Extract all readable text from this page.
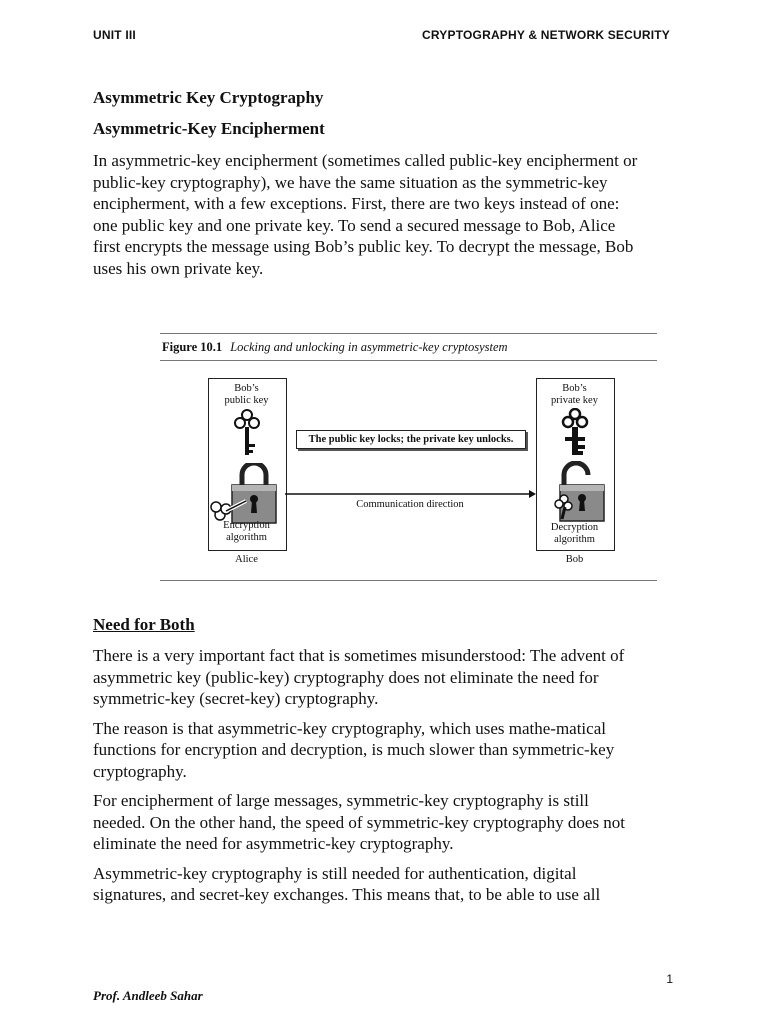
UNIT III	CRYPTOGRAPHY & NETWORK SECURITY
Asymmetric Key Cryptography
Asymmetric-Key Encipherment
In asymmetric-key encipherment (sometimes called public-key encipherment or
public-key cryptography), we have the same situation as the symmetric-key
encipherment, with a few exceptions. First, there are two keys instead of one:
one public key and one private key. To send a secured message to Bob, Alice
first encrypts the message using Bob’s public key. To decrypt the message, Bob
uses his own private key.
Figure 10.1 Locking and unlocking in asymmetric-key cryptosystem
Bob’s
public key
Encryption
algorithm
Alice
Bob’s
private key
Decryption
algorithm
Bob
The public key locks; the private key unlocks.
Communication direction
Need for Both
There is a very important fact that is sometimes misunderstood: The advent of
asymmetric key (public-key) cryptography does not eliminate the need for
symmetric-key (secret-key) cryptography.
The reason is that asymmetric-key cryptography, which uses mathe-matical
functions for encryption and decryption, is much slower than symmetric-key
cryptography.
For encipherment of large messages, symmetric-key cryptography is still
needed. On the other hand, the speed of symmetric-key cryptography does not
eliminate the need for asymmetric-key cryptography.
Asymmetric-key cryptography is still needed for authentication, digital
signatures, and secret-key exchanges. This means that, to be able to use all
1
Prof. Andleeb Sahar
